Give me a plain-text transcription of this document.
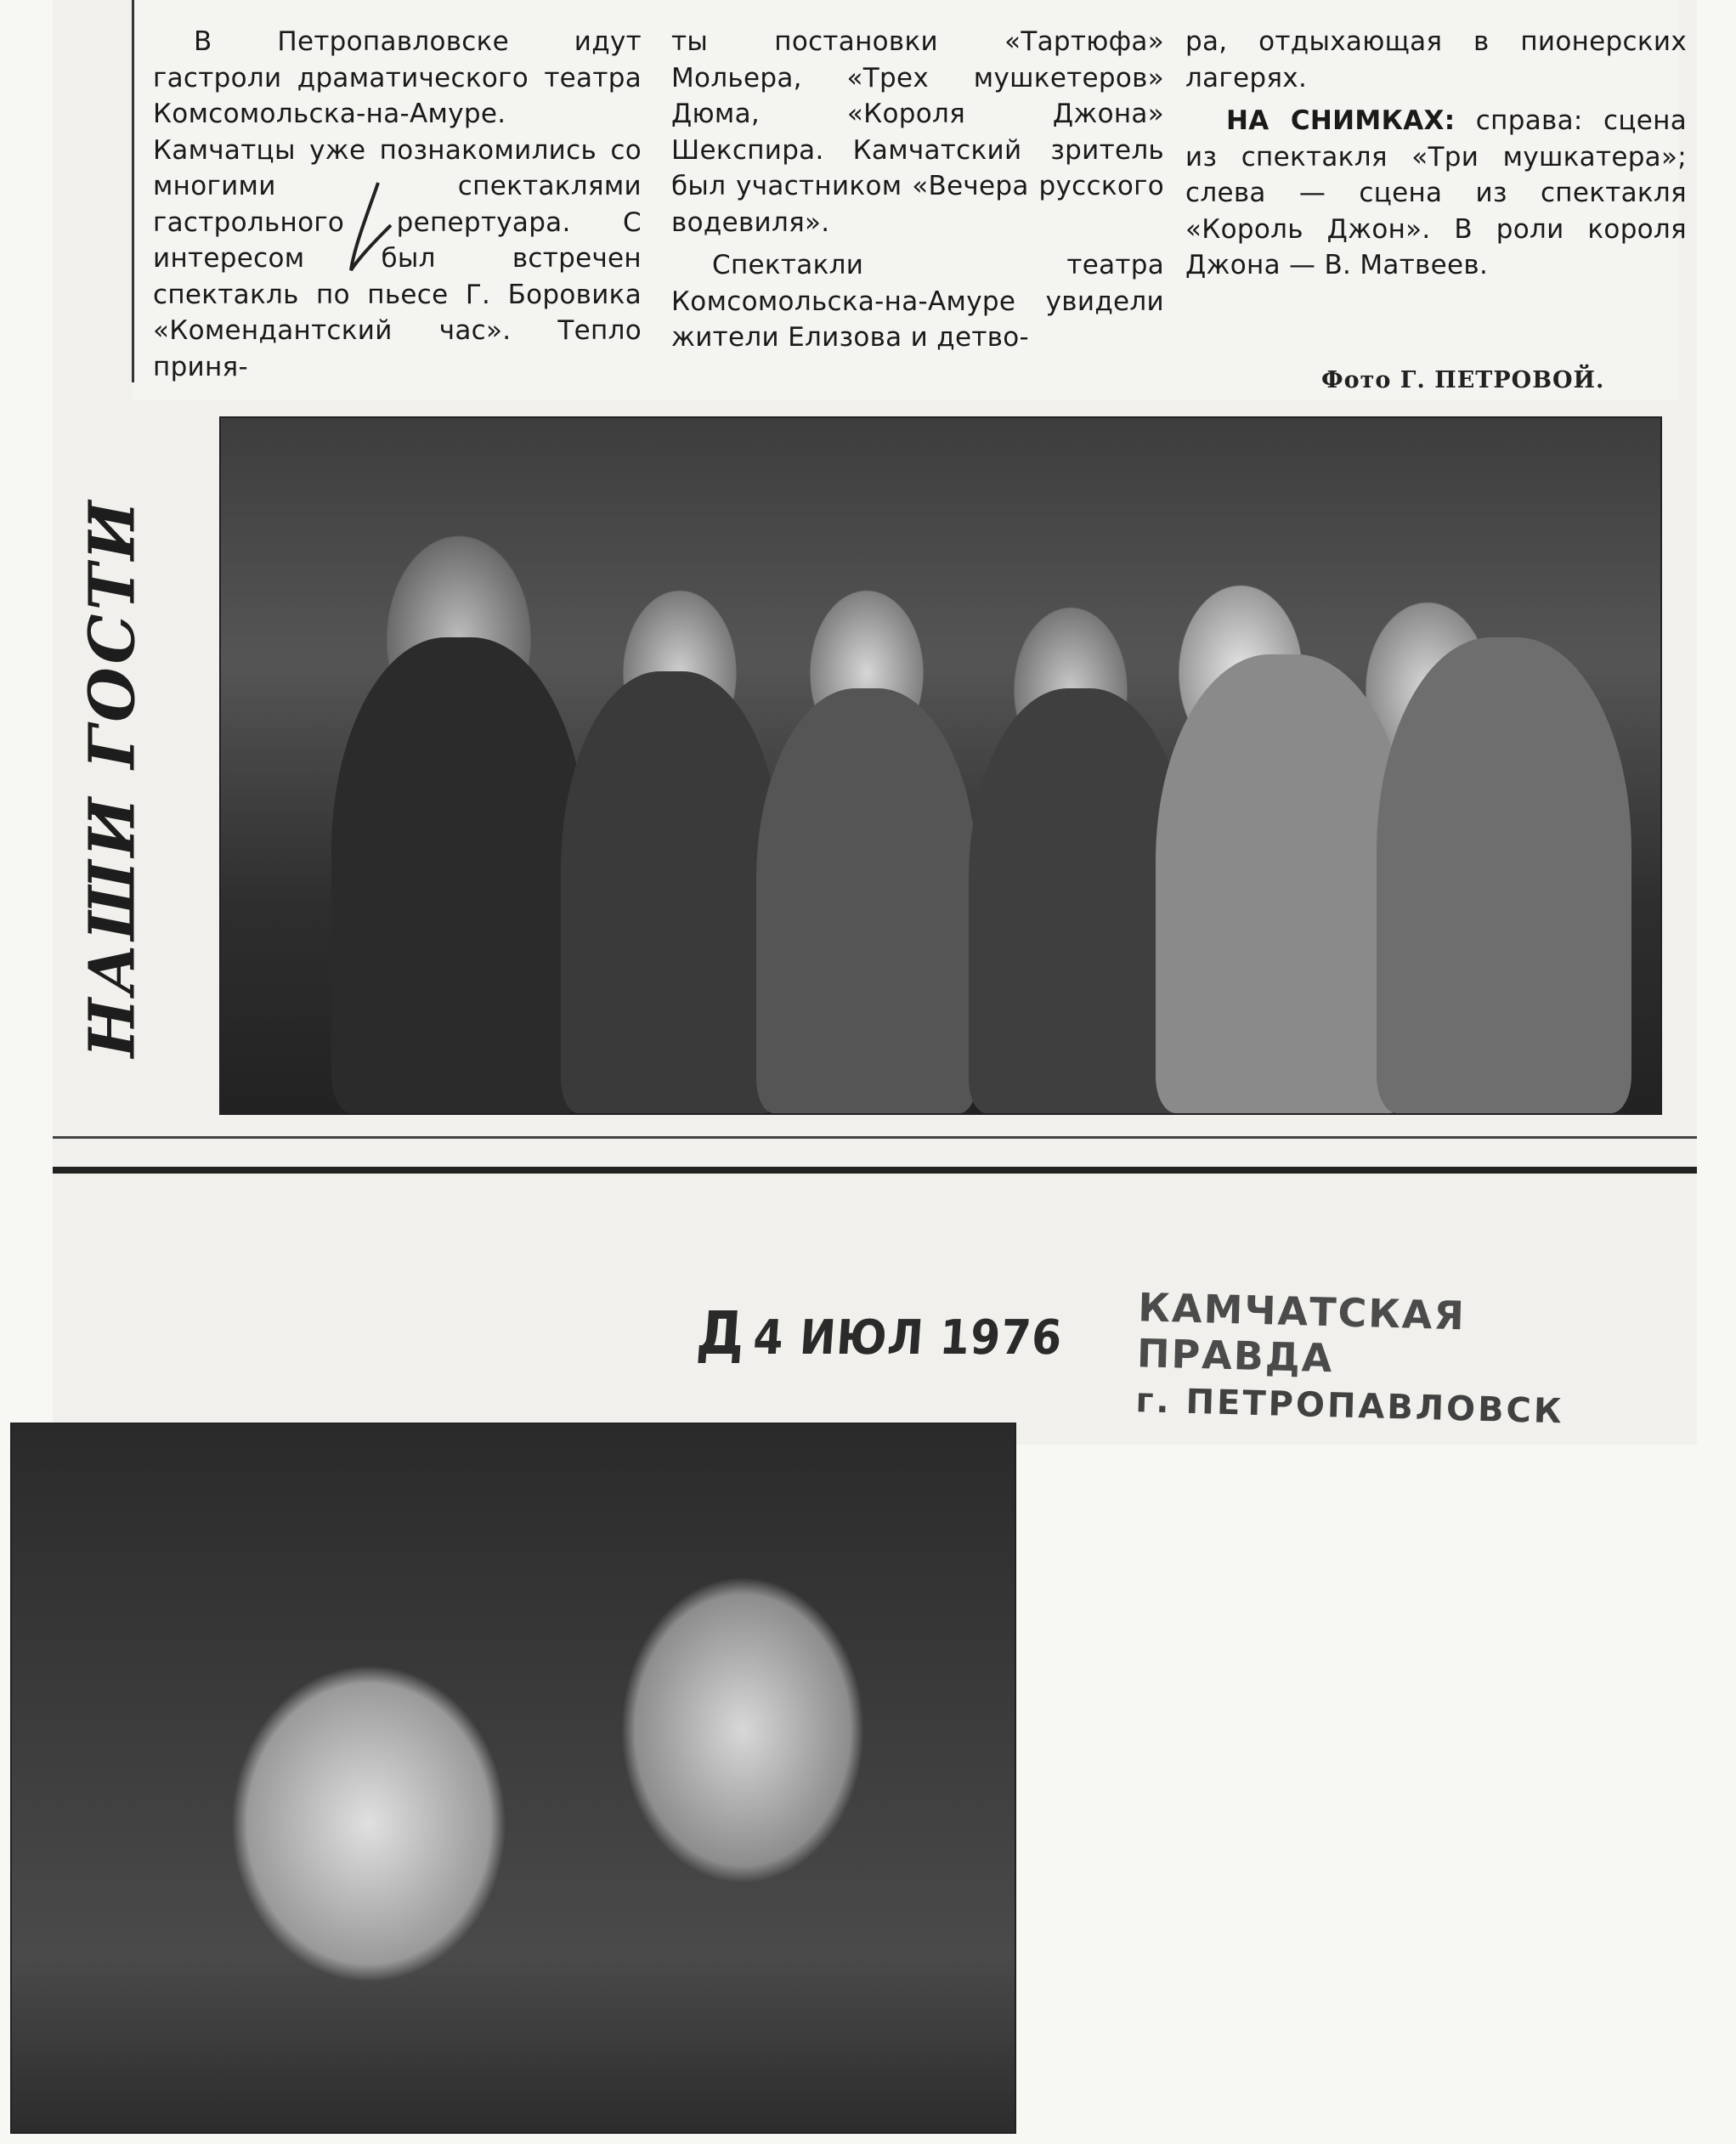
В Петропавловске идут гастроли драматического театра Комсомольска-на-Амуре. Камчатцы уже познакомились со многими спектаклями гастрольного репертуара. С интересом был встречен спектакль по пьесе Г. Боровика «Комендантский час». Тепло приня-

ты постановки «Тартюфа» Мольера, «Трех мушкетеров» Дюма, «Короля Джона» Шекспира. Камчатский зритель был участником «Вечера русского водевиля».

Спектакли театра Комсомольска-на-Амуре увидели жители Елизова и детво-

ра, отдыхающая в пионерских лагерях.

НА СНИМКАХ: справа: сцена из спектакля «Три мушкатера»; слева — сцена из спектакля «Король Джон». В роли короля Джона — В. Матвеев.

Фото Г. ПЕТРОВОЙ.
НАШИ ГОСТИ
Д4 ИЮЛ 1976 КАМЧАТСКАЯ ПРАВДА
г. ПЕТРОПАВЛОВСК
